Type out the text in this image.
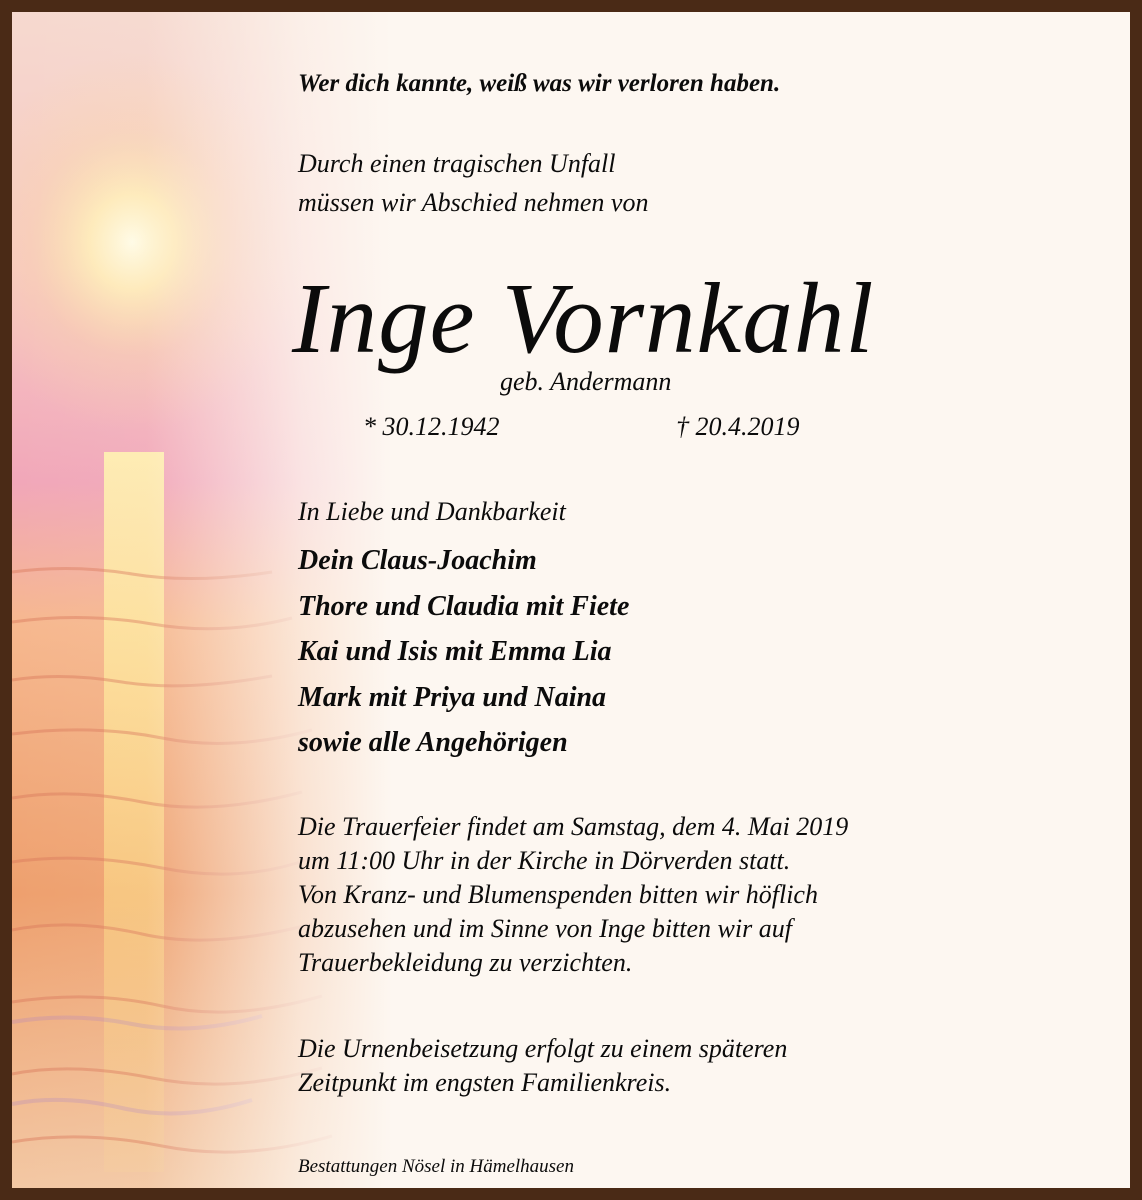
Wer dich kannte, weiß was wir verloren haben.

Durch einen tragischen Unfall
müssen wir Abschied nehmen von
Inge Vornkahl

geb. Andermann

* 30.12.1942	† 20.4.2019

In Liebe und Dankbarkeit

Dein Claus-Joachim
Thore und Claudia mit Fiete
Kai und Isis mit Emma Lia
Mark mit Priya und Naina
sowie alle Angehörigen
Die Trauerfeier findet am Samstag, dem 4. Mai 2019
um 11:00 Uhr in der Kirche in Dörverden statt.
Von Kranz- und Blumenspenden bitten wir höflich
abzusehen und im Sinne von Inge bitten wir auf
Trauerbekleidung zu verzichten.
Die Urnenbeisetzung erfolgt zu einem späteren
Zeitpunkt im engsten Familienkreis.

Bestattungen Nösel in Hämelhausen
